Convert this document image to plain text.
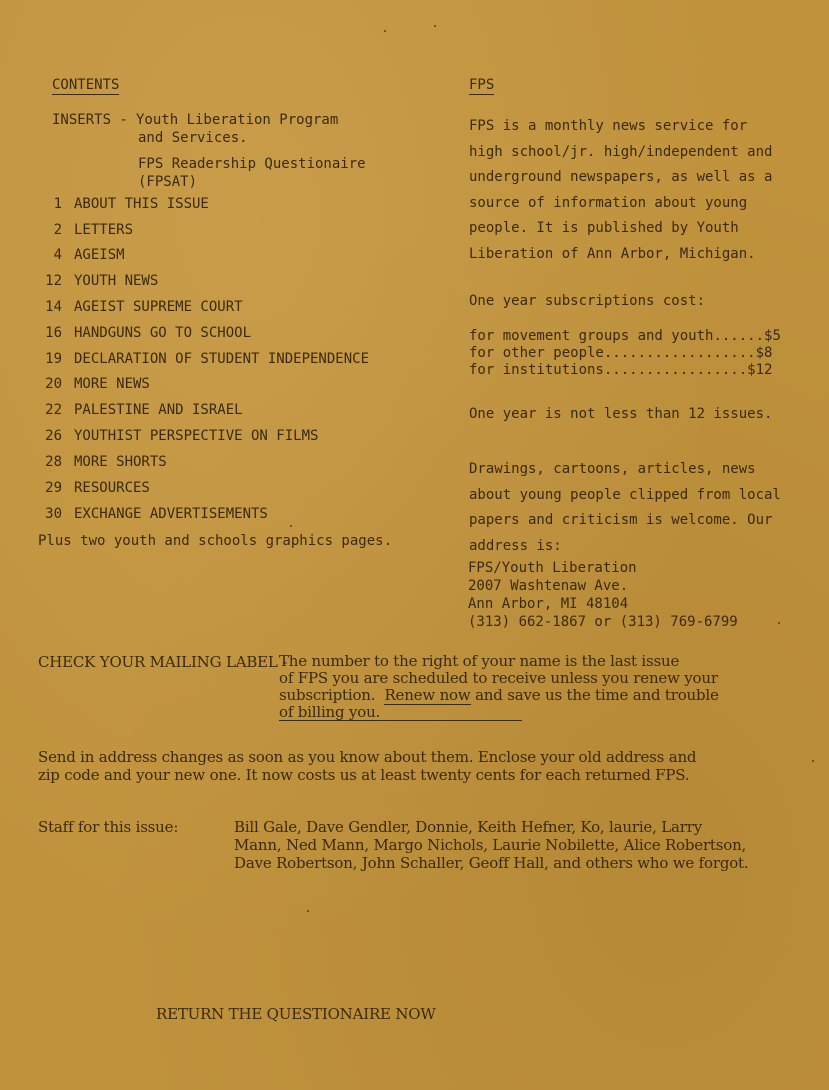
CONTENTS
INSERTS - Youth Liberation Program
and Services.
FPS Readership Questionaire
(FPSAT)
1 ABOUT THIS ISSUE
2 LETTERS
4 AGEISM
12 YOUTH NEWS
14 AGEIST SUPREME COURT
16 HANDGUNS GO TO SCHOOL
19 DECLARATION OF STUDENT INDEPENDENCE
20 MORE NEWS
22 PALESTINE AND ISRAEL
26 YOUTHIST PERSPECTIVE ON FILMS
28 MORE SHORTS
29 RESOURCES
30 EXCHANGE ADVERTISEMENTS
Plus two youth and schools graphics pages.
FPS
FPS is a monthly news service for
high school/jr. high/independent and
underground newspapers, as well as a
source of information about young
people. It is published by Youth
Liberation of Ann Arbor, Michigan.
One year subscriptions cost:
for movement groups and youth......$5
for other people..................$8
for institutions.................$12
One year is not less than 12 issues.
Drawings, cartoons, articles, news
about young people clipped from local
papers and criticism is welcome. Our
address is:
FPS/Youth Liberation
2007 Washtenaw Ave.
Ann Arbor, MI 48104
(313) 662-1867 or (313) 769-6799
CHECK YOUR MAILING LABEL -
The number to the right of your name is the last issue
of FPS you are scheduled to receive unless you renew your
subscription.  Renew now and save us the time and trouble
of billing you.
Send in address changes as soon as you know about them. Enclose your old address and
zip code and your new one. It now costs us at least twenty cents for each returned FPS.
Staff for this issue:	Bill Gale, Dave Gendler, Donnie, Keith Hefner, Ko, laurie, Larry
Mann, Ned Mann, Margo Nichols, Laurie Nobilette, Alice Robertson,
Dave Robertson, John Schaller, Geoff Hall, and others who we forgot.
RETURN THE QUESTIONAIRE NOW
